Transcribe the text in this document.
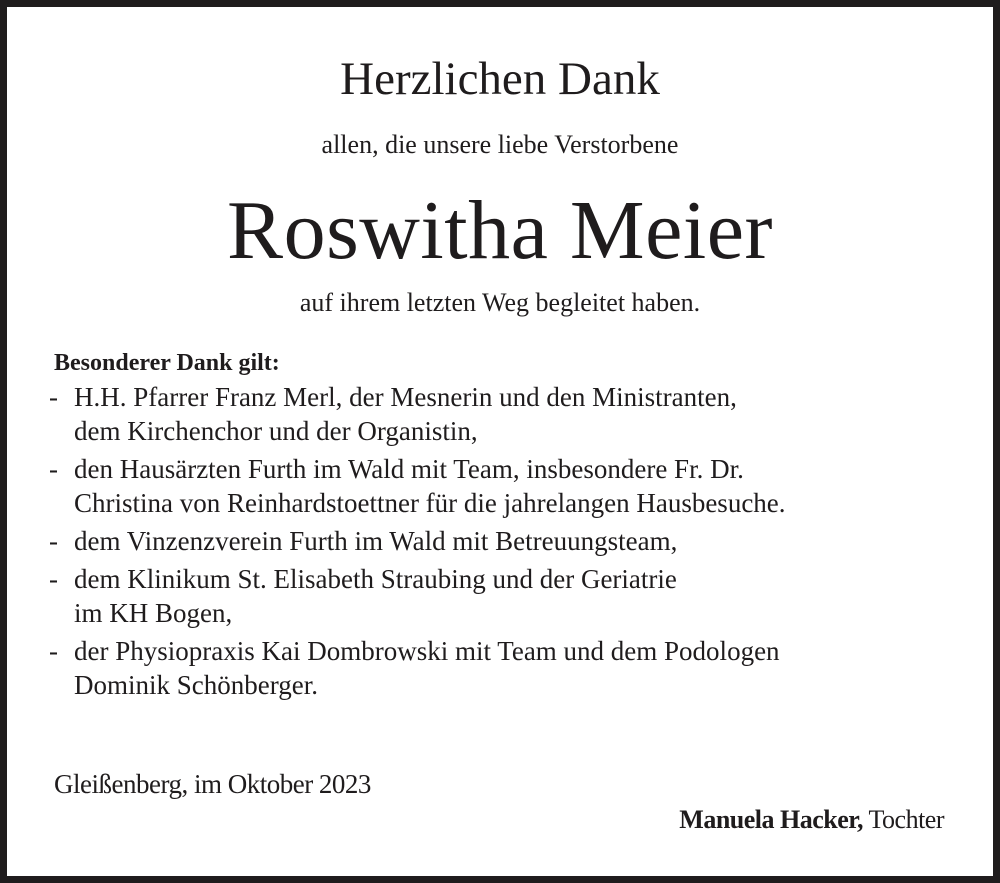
Herzlichen Dank
allen, die unsere liebe Verstorbene
Roswitha Meier
auf ihrem letzten Weg begleitet haben.
Besonderer Dank gilt:
- H.H. Pfarrer Franz Merl, der Mesnerin und den Ministranten,
dem Kirchenchor und der Organistin,
- den Hausärzten Furth im Wald mit Team, insbesondere Fr. Dr.
Christina von Reinhardstoettner für die jahrelangen Hausbesuche.
- dem Vinzenzverein Furth im Wald mit Betreuungsteam,
- dem Klinikum St. Elisabeth Straubing und der Geriatrie
im KH Bogen,
- der Physiopraxis Kai Dombrowski mit Team und dem Podologen
Dominik Schönberger.
Gleißenberg, im Oktober 2023
Manuela Hacker, Tochter
